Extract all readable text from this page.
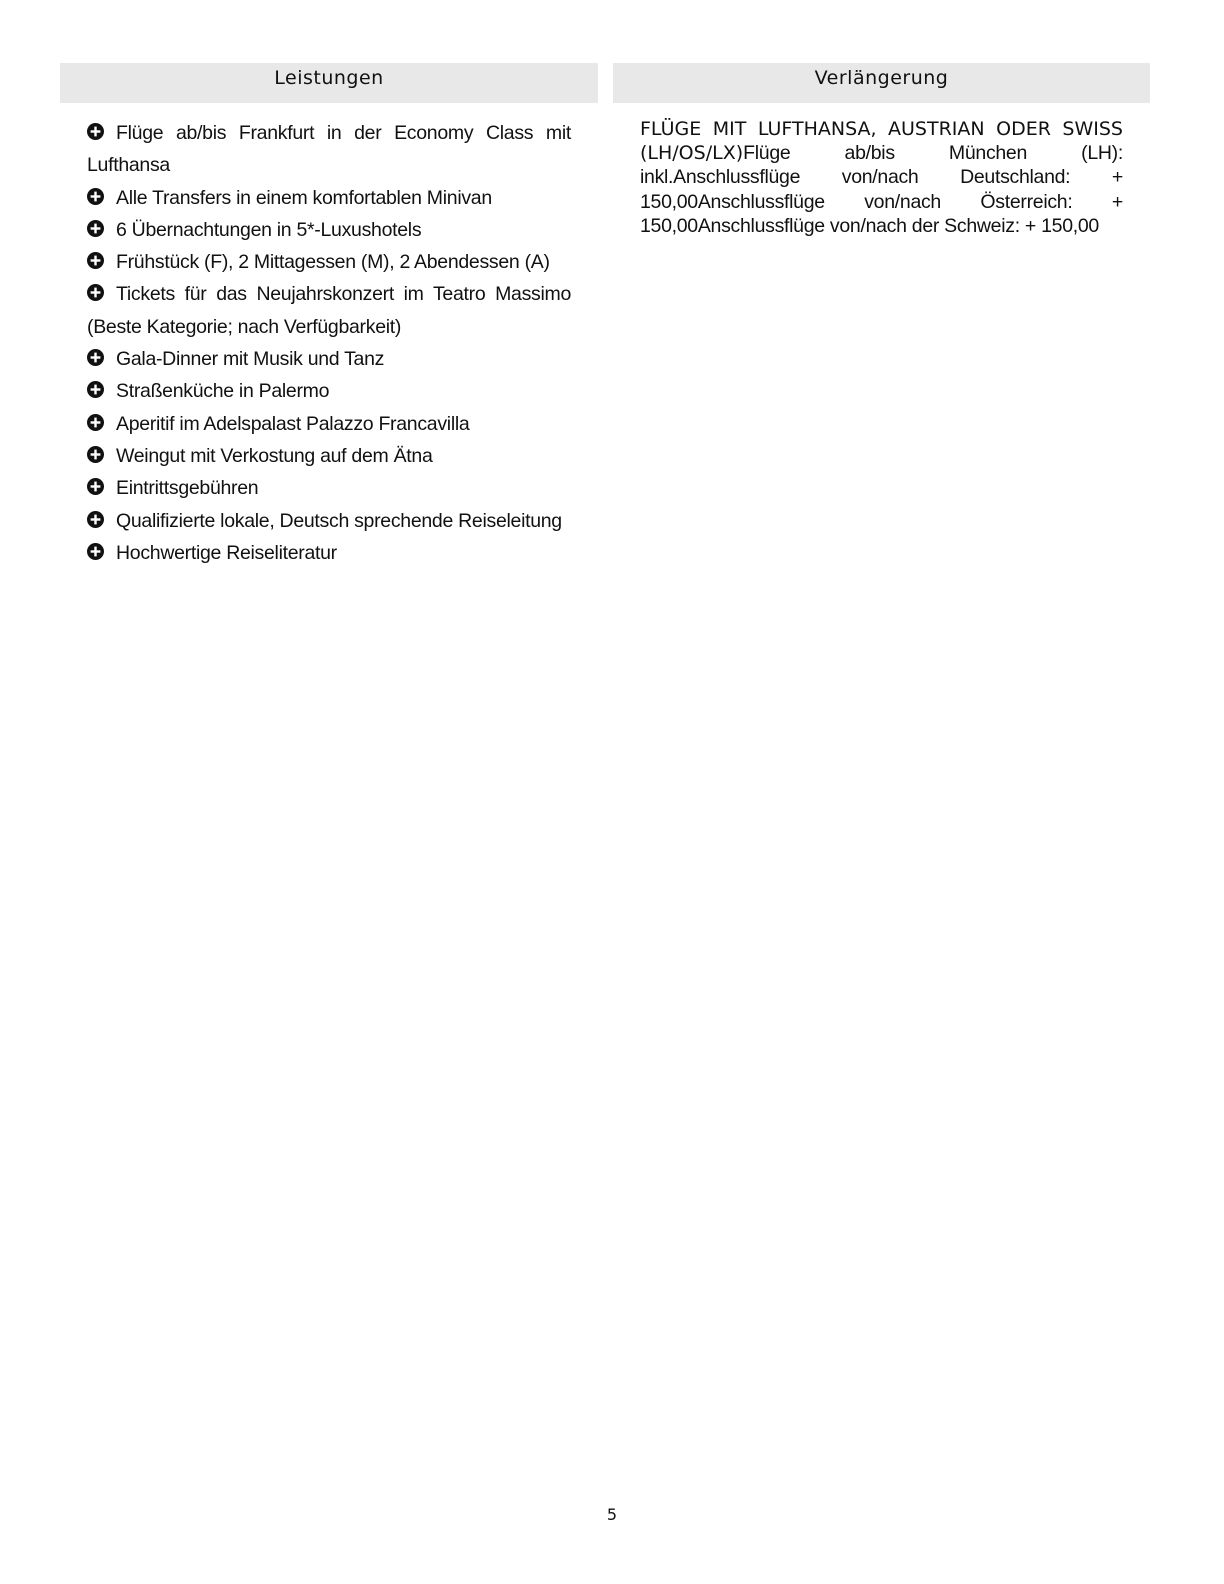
Leistungen
Flüge ab/bis Frankfurt in der Economy Class mit Lufthansa
Alle Transfers in einem komfortablen Minivan
6 Übernachtungen in 5*-Luxushotels
Frühstück (F), 2 Mittagessen (M), 2 Abendessen (A)
Tickets für das Neujahrskonzert im Teatro Massimo (Beste Kategorie; nach Verfügbarkeit)
Gala-Dinner mit Musik und Tanz
Straßenküche in Palermo
Aperitif im Adelspalast Palazzo Francavilla
Weingut mit Verkostung auf dem Ätna
Eintrittsgebühren
Qualifizierte lokale, Deutsch sprechende Reiseleitung
Hochwertige Reiseliteratur
Verlängerung
FLÜGE MIT LUFTHANSA, AUSTRIAN ODER SWISS (LH/OS/LX)Flüge ab/bis München (LH): inkl.Anschlussflüge von/nach Deutschland: + 150,00Anschlussflüge von/nach Österreich: + 150,00Anschlussflüge von/nach der Schweiz: + 150,00
5
